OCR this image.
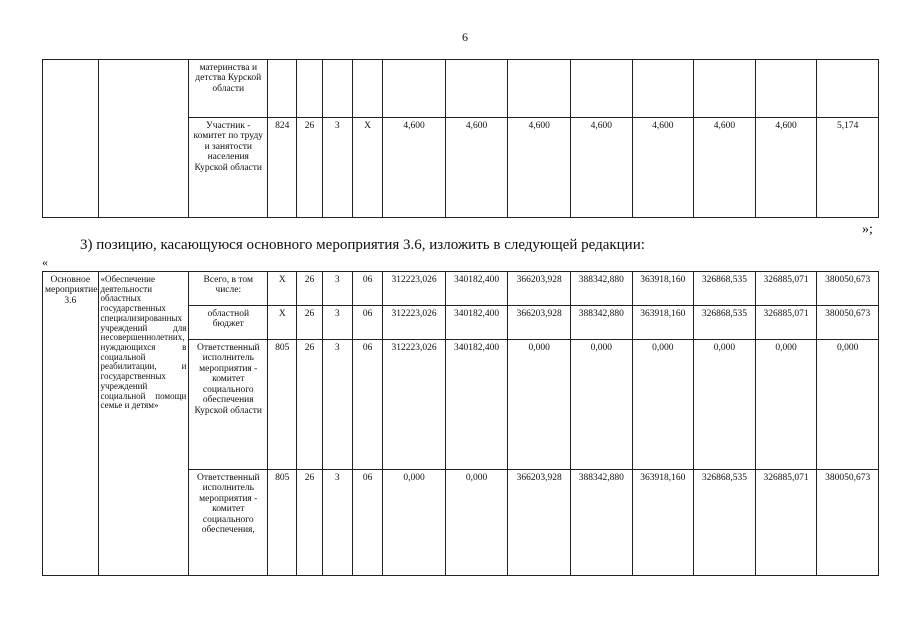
6
		материнства и детства Курской области												
		Участник - комитет по труду и занятости населения Курской области	824	26	3	Х	4,600	4,600	4,600	4,600	4,600	4,600	4,600	5,174
»;
3) позицию, касающуюся основного мероприятия 3.6, изложить в следующей редакции:
«
Основное мероприятие 3.6	«Обеспечение деятельности областных государственных специализированных учреждений для несовершеннолетних, нуждающихся в социальной реабилитации, и государственных учреждений социальной помощи семье и детям»	Всего, в том числе:	Х	26	3	06	312223,026	340182,400	366203,928	388342,880	363918,160	326868,535	326885,071	380050,673
		областной бюджет	Х	26	3	06	312223,026	340182,400	366203,928	388342,880	363918,160	326868,535	326885,071	380050,673
		Ответственный исполнитель мероприятия - комитет социального обеспечения Курской области	805	26	3	06	312223,026	340182,400	0,000	0,000	0,000	0,000	0,000	0,000
		Ответственный исполнитель мероприятия - комитет социального обеспечения,	805	26	3	06	0,000	0,000	366203,928	388342,880	363918,160	326868,535	326885,071	380050,673
